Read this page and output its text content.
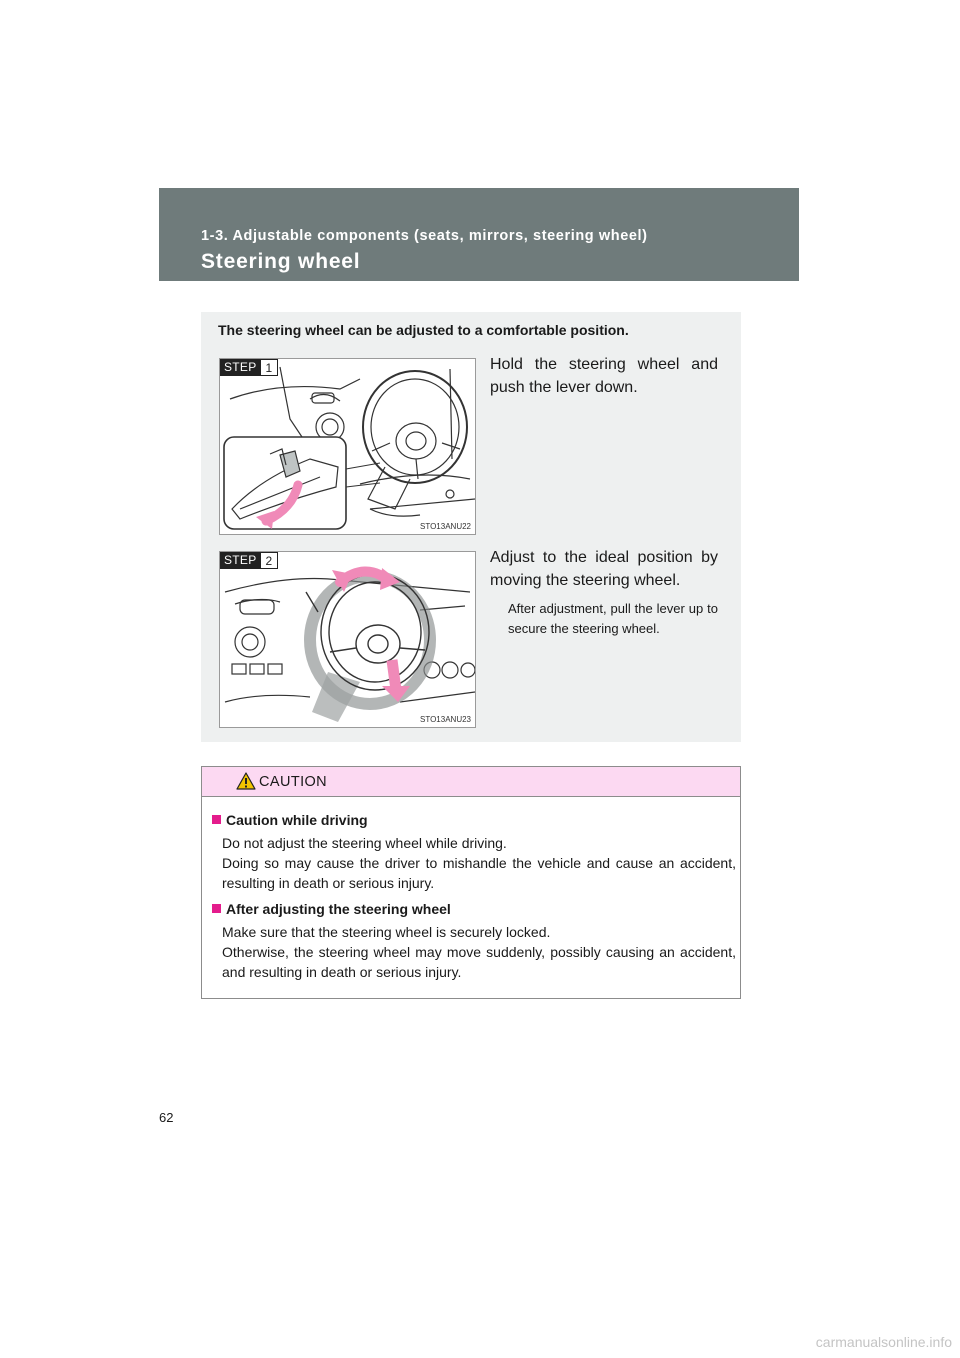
1-3. Adjustable components (seats, mirrors, steering wheel)
Steering wheel
The steering wheel can be adjusted to a comfortable position.
STEP 1
STO13ANU22
Hold the steering wheel and push the lever down.
STEP 2
STO13ANU23
Adjust to the ideal position by moving the steering wheel.
After adjustment, pull the lever up to secure the steering wheel.
CAUTION
Caution while driving
Do not adjust the steering wheel while driving.
Doing so may cause the driver to mishandle the vehicle and cause an accident, resulting in death or serious injury.
After adjusting the steering wheel
Make sure that the steering wheel is securely locked.
Otherwise, the steering wheel may move suddenly, possibly causing an accident, and resulting in death or serious injury.
62
carmanualsonline.info
